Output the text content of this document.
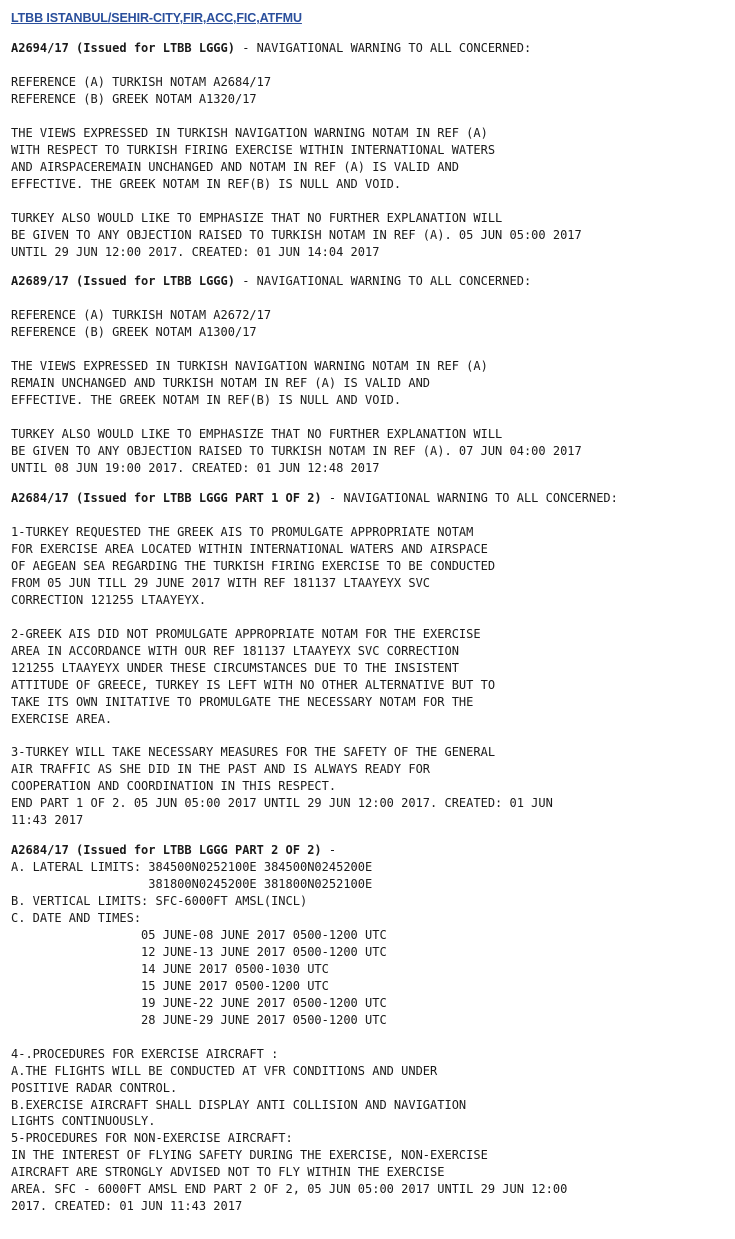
LTBB ISTANBUL/SEHIR-CITY,FIR,ACC,FIC,ATFMU
A2694/17 (Issued for LTBB LGGG) - NAVIGATIONAL WARNING TO ALL CONCERNED:
REFERENCE (A) TURKISH NOTAM A2684/17
REFERENCE (B) GREEK NOTAM A1320/17

THE VIEWS EXPRESSED IN TURKISH NAVIGATION WARNING NOTAM IN REF (A)
WITH RESPECT TO TURKISH FIRING EXERCISE WITHIN INTERNATIONAL WATERS
AND AIRSPACEREMAIN UNCHANGED AND NOTAM IN REF (A) IS VALID AND
EFFECTIVE. THE GREEK NOTAM IN REF(B) IS NULL AND VOID.

TURKEY ALSO WOULD LIKE TO EMPHASIZE THAT NO FURTHER EXPLANATION WILL
BE GIVEN TO ANY OBJECTION RAISED TO TURKISH NOTAM IN REF (A). 05 JUN 05:00 2017
UNTIL 29 JUN 12:00 2017. CREATED: 01 JUN 14:04 2017
A2689/17 (Issued for LTBB LGGG) - NAVIGATIONAL WARNING TO ALL CONCERNED:
REFERENCE (A) TURKISH NOTAM A2672/17
REFERENCE (B) GREEK NOTAM A1300/17

THE VIEWS EXPRESSED IN TURKISH NAVIGATION WARNING NOTAM IN REF (A)
REMAIN UNCHANGED AND TURKISH NOTAM IN REF (A) IS VALID AND
EFFECTIVE. THE GREEK NOTAM IN REF(B) IS NULL AND VOID.

TURKEY ALSO WOULD LIKE TO EMPHASIZE THAT NO FURTHER EXPLANATION WILL
BE GIVEN TO ANY OBJECTION RAISED TO TURKISH NOTAM IN REF (A). 07 JUN 04:00 2017
UNTIL 08 JUN 19:00 2017. CREATED: 01 JUN 12:48 2017
A2684/17 (Issued for LTBB LGGG PART 1 OF 2) - NAVIGATIONAL WARNING TO ALL CONCERNED:
1-TURKEY REQUESTED THE GREEK AIS TO PROMULGATE APPROPRIATE NOTAM
FOR EXERCISE AREA LOCATED WITHIN INTERNATIONAL WATERS AND AIRSPACE
OF AEGEAN SEA REGARDING THE TURKISH FIRING EXERCISE TO BE CONDUCTED
FROM 05 JUN TILL 29 JUNE 2017 WITH REF 181137 LTAAYEYX SVC
CORRECTION 121255 LTAAYEYX.

2-GREEK AIS DID NOT PROMULGATE APPROPRIATE NOTAM FOR THE EXERCISE
AREA IN ACCORDANCE WITH OUR REF 181137 LTAAYEYX SVC CORRECTION
121255 LTAAYEYX UNDER THESE CIRCUMSTANCES DUE TO THE INSISTENT
ATTITUDE OF GREECE, TURKEY IS LEFT WITH NO OTHER ALTERNATIVE BUT TO
TAKE ITS OWN INITATIVE TO PROMULGATE THE NECESSARY NOTAM FOR THE
EXERCISE AREA.

3-TURKEY WILL TAKE NECESSARY MEASURES FOR THE SAFETY OF THE GENERAL
AIR TRAFFIC AS SHE DID IN THE PAST AND IS ALWAYS READY FOR
COOPERATION AND COORDINATION IN THIS RESPECT.
END PART 1 OF 2. 05 JUN 05:00 2017 UNTIL 29 JUN 12:00 2017. CREATED: 01 JUN
11:43 2017
A2684/17 (Issued for LTBB LGGG PART 2 OF 2) -
A. LATERAL LIMITS: 384500N0252100E 384500N0245200E
381800N0245200E 381800N0252100E
B. VERTICAL LIMITS: SFC-6000FT AMSL(INCL)
C. DATE AND TIMES:
05 JUNE-08 JUNE 2017 0500-1200 UTC
12 JUNE-13 JUNE 2017 0500-1200 UTC
14 JUNE 2017 0500-1030 UTC
15 JUNE 2017 0500-1200 UTC
19 JUNE-22 JUNE 2017 0500-1200 UTC
28 JUNE-29 JUNE 2017 0500-1200 UTC

4-.PROCEDURES FOR EXERCISE AIRCRAFT :
A.THE FLIGHTS WILL BE CONDUCTED AT VFR CONDITIONS AND UNDER
POSITIVE RADAR CONTROL.
B.EXERCISE AIRCRAFT SHALL DISPLAY ANTI COLLISION AND NAVIGATION
LIGHTS CONTINUOUSLY.
5-PROCEDURES FOR NON-EXERCISE AIRCRAFT:
IN THE INTEREST OF FLYING SAFETY DURING THE EXERCISE, NON-EXERCISE
AIRCRAFT ARE STRONGLY ADVISED NOT TO FLY WITHIN THE EXERCISE
AREA. SFC - 6000FT AMSL END PART 2 OF 2, 05 JUN 05:00 2017 UNTIL 29 JUN 12:00
2017. CREATED: 01 JUN 11:43 2017
